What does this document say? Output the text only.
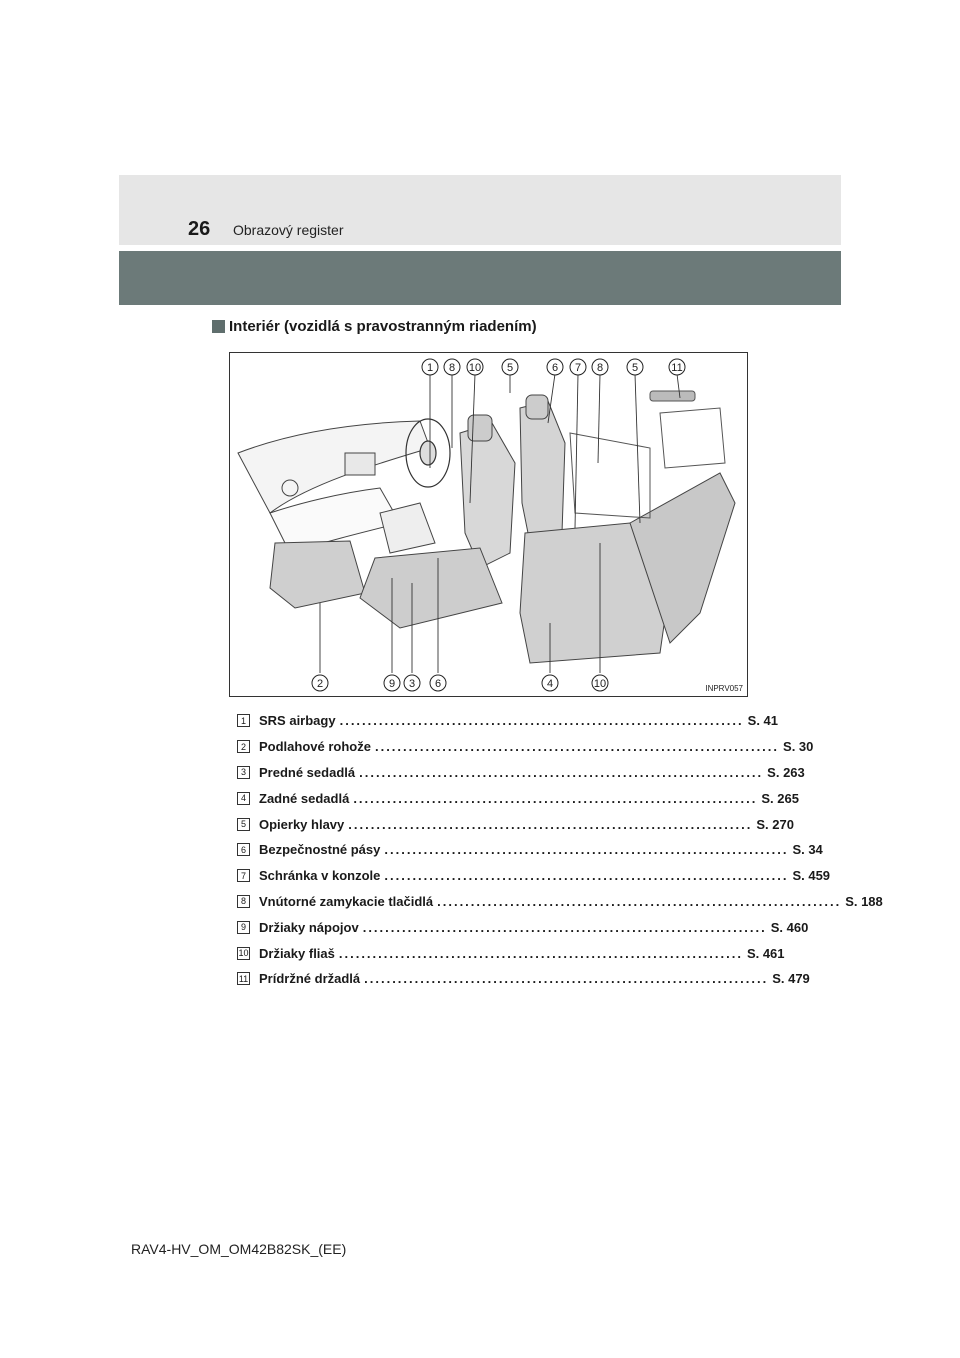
26 Obrazový register
Interiér (vozidlá s pravostranným riadením)
1 8 10 5	6 7 8	5	11
2	9 3 6	4	10	INPRV057
1	SRS airbagy ........................................................................ S. 41
2	Podlahové rohože ........................................................................ S. 30
3	Predné sedadlá ........................................................................ S. 263
4	Zadné sedadlá ........................................................................ S. 265
5	Opierky hlavy ........................................................................ S. 270
6	Bezpečnostné pásy ........................................................................ S. 34
7	Schránka v konzole ........................................................................ S. 459
8	Vnútorné zamykacie tlačidlá ........................................................................ S. 188
9	Držiaky nápojov ........................................................................ S. 460
10 Držiaky fliaš ........................................................................ S. 461
11 Prídržné držadlá ........................................................................ S. 479
RAV4-HV_OM_OM42B82SK_(EE)
